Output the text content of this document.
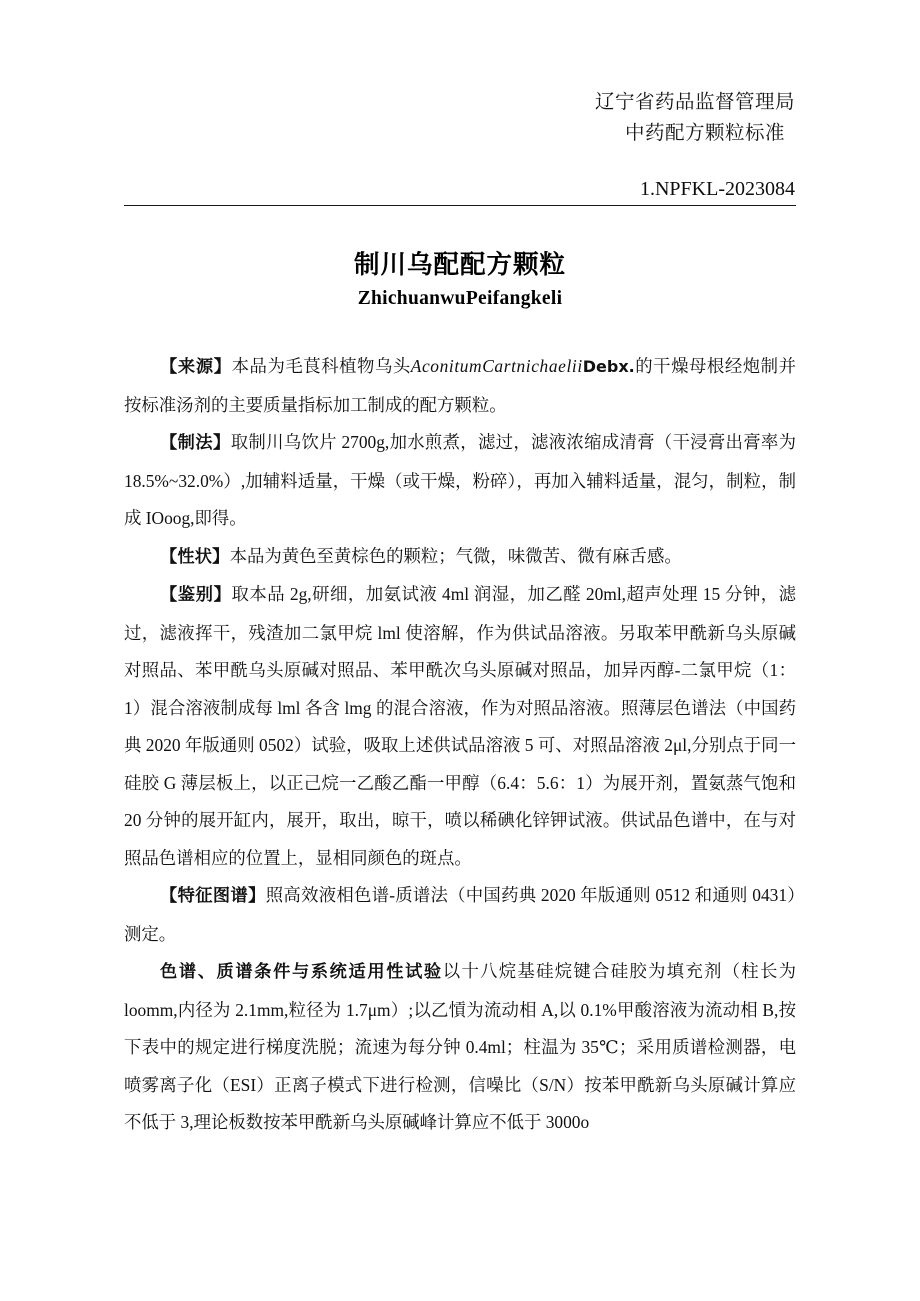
辽宁省药品监督管理局
中药配方颗粒标准
1.NPFKL-2023084
制川乌配配方颗粒
ZhichuanwuPeifangkeli

【来源】本品为毛茛科植物乌头AconitumCartnichaeliiDebx.的干燥母根经炮制并按标准汤剂的主要质量指标加工制成的配方颗粒。

【制法】取制川乌饮片 2700g,加水煎煮，滤过，滤液浓缩成清膏（干浸膏出膏率为 18.5%~32.0%）,加辅料适量，干燥（或干燥，粉碎），再加入辅料适量，混匀，制粒，制成 IOoog,即得。

【性状】本品为黄色至黄棕色的颗粒；气微，味微苦、微有麻舌感。

【鉴别】取本品 2g,研细，加氨试液 4ml 润湿，加乙醛 20ml,超声处理 15 分钟，滤过，滤液挥干，残渣加二氯甲烷 lml 使溶解，作为供试品溶液。另取苯甲酰新乌头原碱对照品、苯甲酰乌头原碱对照品、苯甲酰次乌头原碱对照品，加异丙醇-二氯甲烷（1：1）混合溶液制成每 lml 各含 lmg 的混合溶液，作为对照品溶液。照薄层色谱法（中国药典 2020 年版通则 0502）试验，吸取上述供试品溶液 5 可、对照品溶液 2μl,分别点于同一硅胶 G 薄层板上，以正己烷一乙酸乙酯一甲醇（6.4：5.6：1）为展开剂，置氨蒸气饱和 20 分钟的展开缸内，展开，取出，晾干，喷以稀碘化锌钾试液。供试品色谱中，在与对照品色谱相应的位置上，显相同颜色的斑点。

【特征图谱】照高效液相色谱-质谱法（中国药典 2020 年版通则 0512 和通则 0431）测定。

色谱、质谱条件与系统适用性试验以十八烷基硅烷键合硅胶为填充剂（柱长为 loomm,内径为 2.1mm,粒径为 1.7μm）;以乙愩为流动相 A,以 0.1%甲酸溶液为流动相 B,按下表中的规定进行梯度洗脱；流速为每分钟 0.4ml；柱温为 35℃；采用质谱检测器，电喷雾离子化（ESI）正离子模式下进行检测，信噪比（S/N）按苯甲酰新乌头原碱计算应不低于 3,理论板数按苯甲酰新乌头原碱峰计算应不低于 3000o
